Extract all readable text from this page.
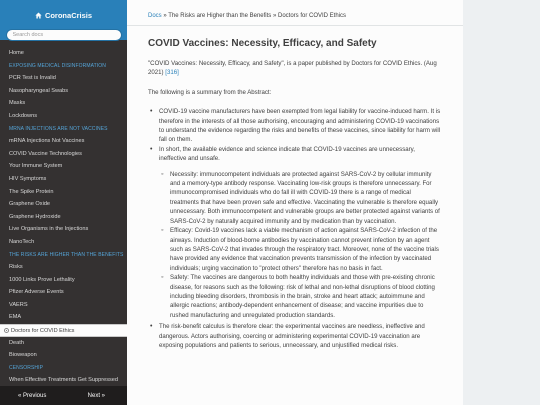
CoronaCrisis
Search docs
Home
EXPOSING MEDICAL DISINFORMATION
PCR Test is Invalid
Nasopharyngeal Swabs
Masks
Lockdowns
MRNA INJECTIONS ARE NOT VACCINES
mRNA Injections Not Vaccines
COVID Vaccine Technologies
Your Immune System
HIV Symptoms
The Spike Protein
Graphene Oxide
Graphene Hydroxide
Live Organisms in the Injections
NanoTech
THE RISKS ARE HIGHER THAN THE BENEFITS
Risks
1000 Links Prove Lethality
Pfizer Adverse Events
VAERS
EMA
Doctors for COVID Ethics
Death
Bioweapon
CENSORSHIP
When Effective Treatments Get Suppressed
« Previous	Next »
Docs » The Risks are Higher than the Benefits » Doctors for COVID Ethics
COVID Vaccines: Necessity, Efficacy, and Safety

"COVID Vaccines: Necessity, Efficacy, and Safety", is a paper published by Doctors for COVID Ethics. (Aug 2021) [316]

The following is a summary from the Abstract:

• COVID-19 vaccine manufacturers have been exempted from legal liability for vaccine-induced harm. It is therefore in the interests of all those authorising, encouraging and administering COVID-19 vaccinations to understand the evidence regarding the risks and benefits of these vaccines, since liability for harm will fall on them.
• In short, the available evidence and science indicate that COVID-19 vaccines are unnecessary, ineffective and unsafe.
◦ Necessity: immunocompetent individuals are protected against SARS-CoV-2 by cellular immunity and a memory-type antibody response. Vaccinating low-risk groups is therefore unnecessary. For immunocompromised individuals who do fall ill with COVID-19 there is a range of medical treatments that have been proven safe and effective. Vaccinating the vulnerable is therefore equally unnecessary. Both immunocompetent and vulnerable groups are better protected against variants of SARS-CoV-2 by naturally acquired immunity and by medication than by vaccination.
◦ Efficacy: Covid-19 vaccines lack a viable mechanism of action against SARS-CoV-2 infection of the airways. Induction of blood-borne antibodies by vaccination cannot prevent infection by an agent such as SARS-CoV-2 that invades through the respiratory tract. Moreover, none of the vaccine trials have provided any evidence that vaccination prevents transmission of the infection by vaccinated individuals; urging vaccination to "protect others" therefore has no basis in fact.
◦ Safety: The vaccines are dangerous to both healthy individuals and those with pre-existing chronic disease, for reasons such as the following: risk of lethal and non-lethal disruptions of blood clotting including bleeding disorders, thrombosis in the brain, stroke and heart attack; autoimmune and allergic reactions; antibody-dependent enhancement of disease; and vaccine impurities due to rushed manufacturing and unregulated production standards.
• The risk-benefit calculus is therefore clear: the experimental vaccines are needless, ineffective and dangerous. Actors authorising, coercing or administering experimental COVID-19 vaccination are exposing populations and patients to serious, unnecessary, and unjustified medical risks.
